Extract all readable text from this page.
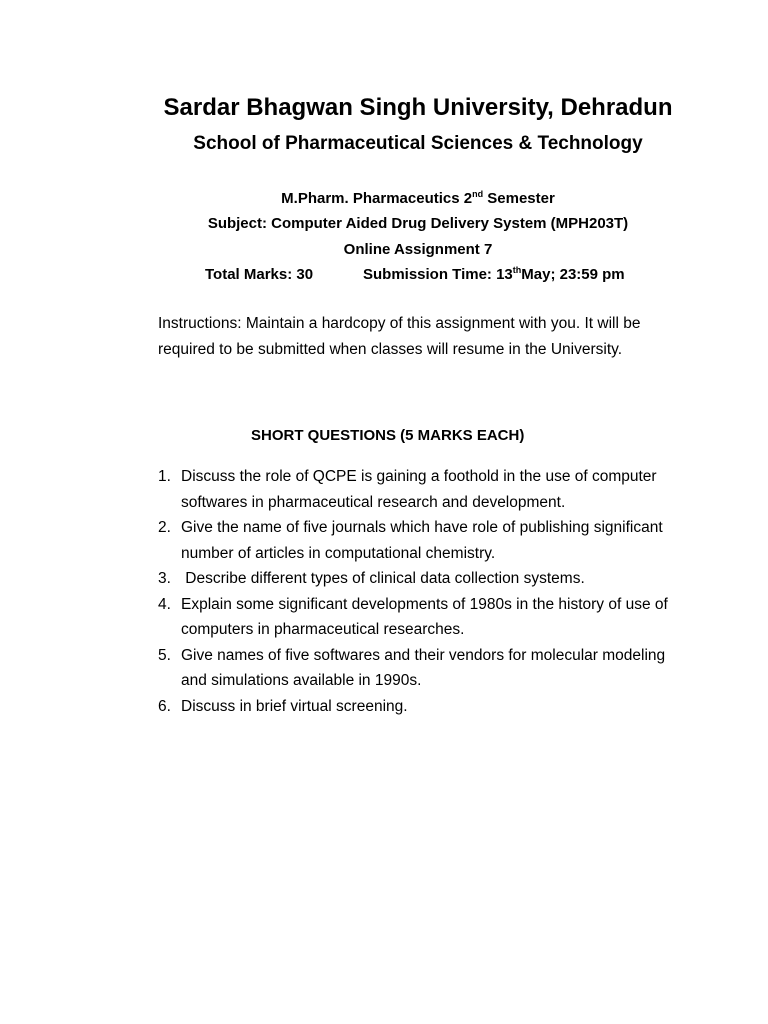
Sardar Bhagwan Singh University, Dehradun
School of Pharmaceutical Sciences & Technology
M.Pharm. Pharmaceutics 2nd Semester
Subject: Computer Aided Drug Delivery System (MPH203T)
Online Assignment 7
Total Marks: 30	Submission Time: 13thMay; 23:59 pm
Instructions: Maintain a hardcopy of this assignment with you. It will be required to be submitted when classes will resume in the University.
SHORT QUESTIONS (5 MARKS EACH)
1. Discuss the role of QCPE is gaining a foothold in the use of computer softwares in pharmaceutical research and development.
2. Give the name of five journals which have role of publishing significant number of articles in computational chemistry.
3. Describe different types of clinical data collection systems.
4. Explain some significant developments of 1980s in the history of use of computers in pharmaceutical researches.
5. Give names of five softwares and their vendors for molecular modeling and simulations available in 1990s.
6. Discuss in brief virtual screening.
